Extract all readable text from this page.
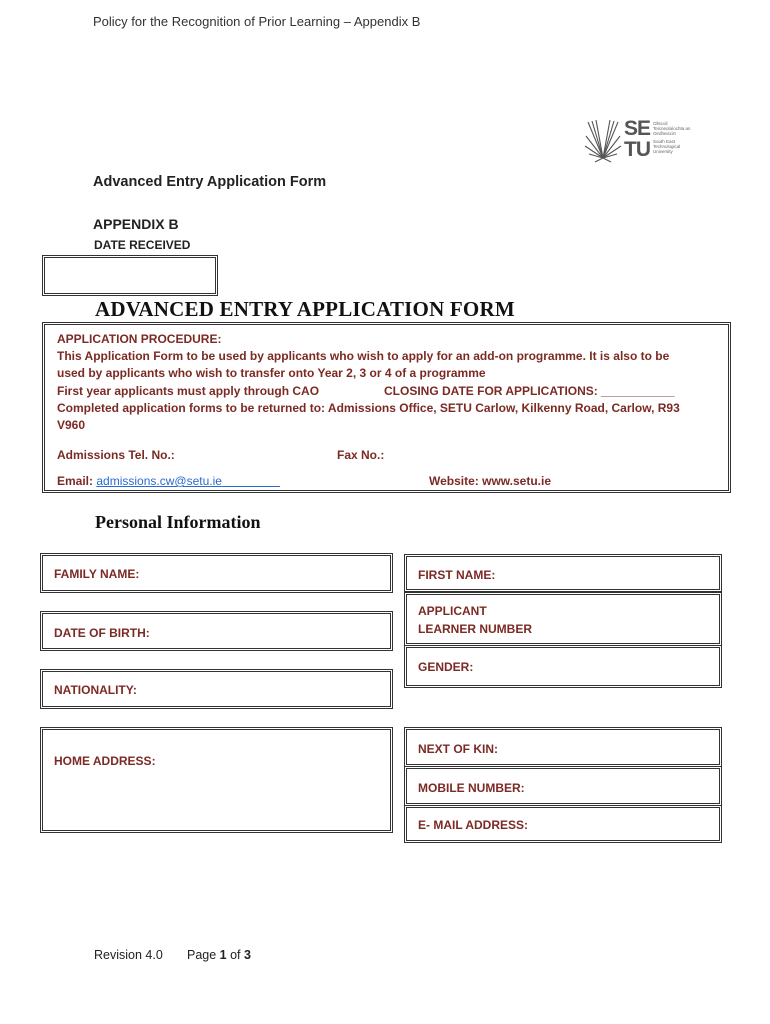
Policy for the Recognition of Prior Learning – Appendix B
SE
TU
Ollscoil Teicneolaíochta an Oirdheiscirt
South East Technological University
Advanced Entry Application Form
APPENDIX B
DATE RECEIVED
ADVANCED ENTRY APPLICATION FORM
APPLICATION PROCEDURE:
This Application Form to be used by applicants who wish to apply for an add-on programme. It is also to be
used by applicants who wish to transfer onto Year 2, 3 or 4 of a programme
First year applicants must apply through CAO	CLOSING DATE FOR APPLICATIONS: ___________
Completed application forms to be returned to: Admissions Office, SETU Carlow, Kilkenny Road, Carlow, R93
V960
Admissions Tel. No.:	Fax No.:
Email: admissions.cw@setu.ie	Website: www.setu.ie
Personal Information
FAMILY NAME:
DATE OF BIRTH:
NATIONALITY:
HOME ADDRESS:
FIRST NAME:
APPLICANT
LEARNER NUMBER
GENDER:
NEXT OF KIN:
MOBILE NUMBER:
E- MAIL ADDRESS:
Revision 4.0 Page 1 of 3
